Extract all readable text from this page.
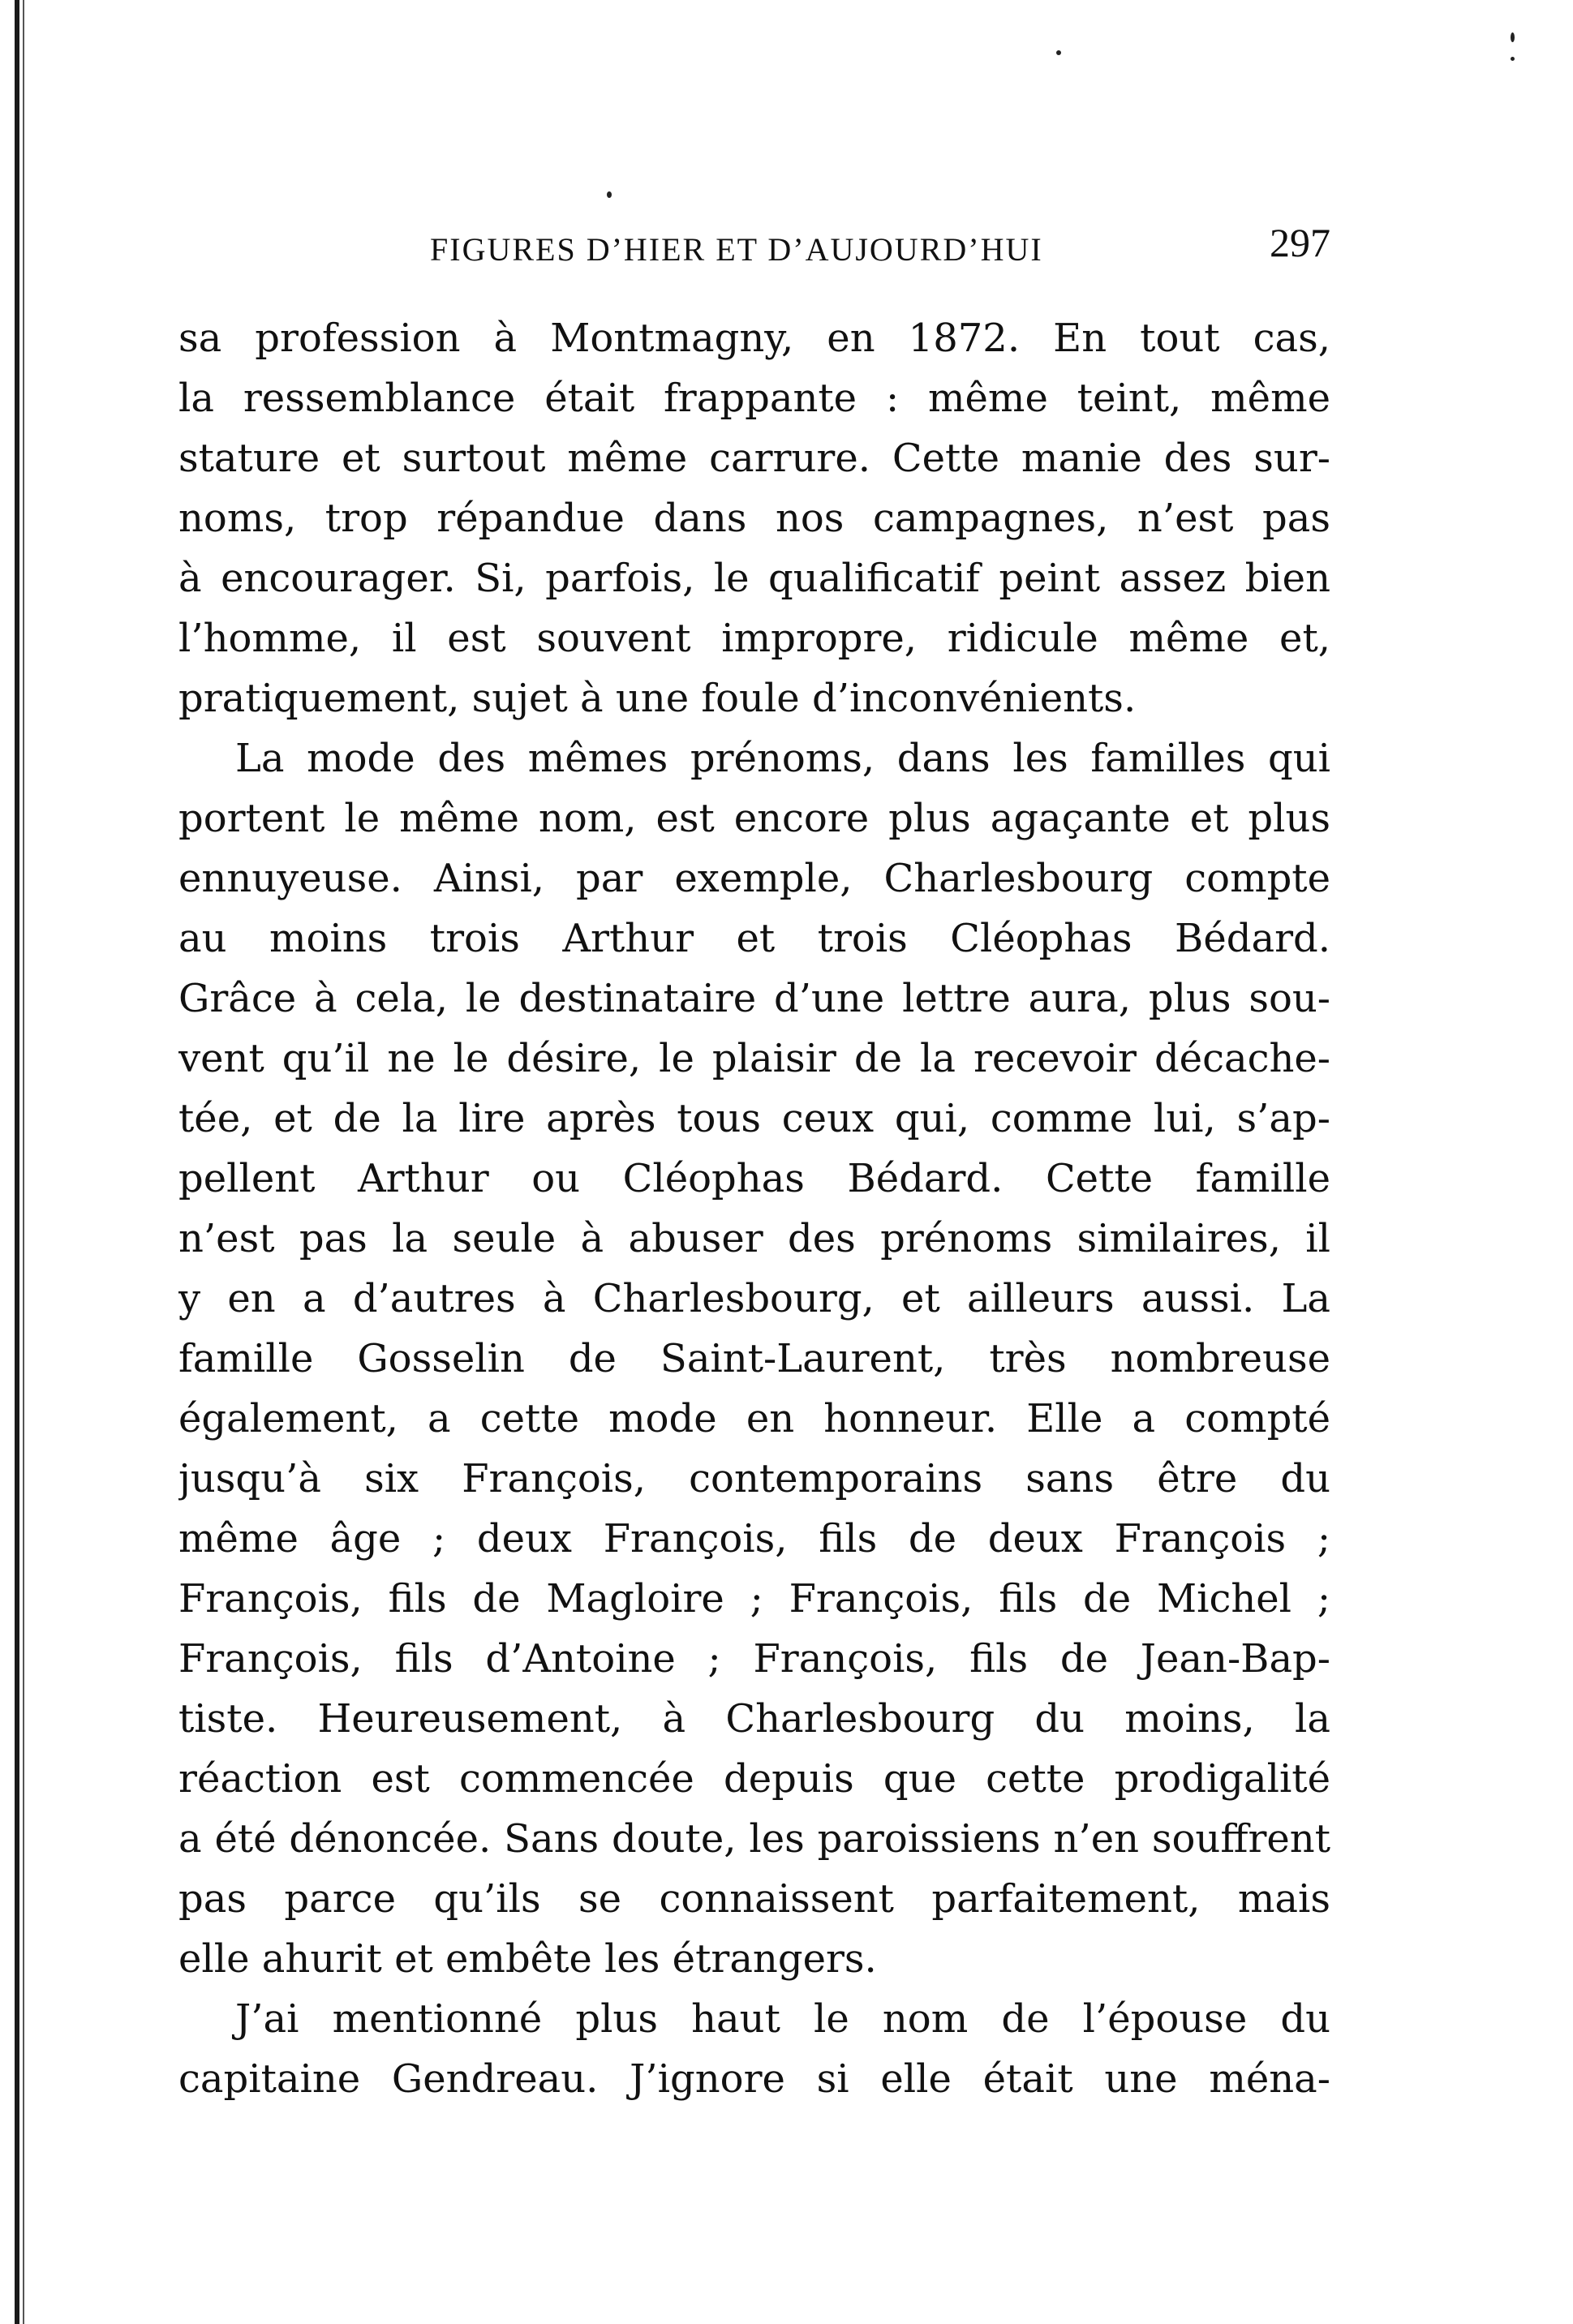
FIGURES D’HIER ET D’AUJOURD’HUI	297

sa profession à Montmagny, en 1872. En tout cas,
la ressemblance était frappante : même teint, même
stature et surtout même carrure. Cette manie des sur-
noms, trop répandue dans nos campagnes, n’est pas
à encourager. Si, parfois, le qualificatif peint assez bien
l’homme, il est souvent impropre, ridicule même et,
pratiquement, sujet à une foule d’inconvénients.

La mode des mêmes prénoms, dans les familles qui
portent le même nom, est encore plus agaçante et plus
ennuyeuse. Ainsi, par exemple, Charlesbourg compte
au moins trois Arthur et trois Cléophas Bédard.
Grâce à cela, le destinataire d’une lettre aura, plus sou-
vent qu’il ne le désire, le plaisir de la recevoir décache-
tée, et de la lire après tous ceux qui, comme lui, s’ap-
pellent Arthur ou Cléophas Bédard. Cette famille
n’est pas la seule à abuser des prénoms similaires, il
y en a d’autres à Charlesbourg, et ailleurs aussi. La
famille Gosselin de Saint-Laurent, très nombreuse
également, a cette mode en honneur. Elle a compté
jusqu’à six François, contemporains sans être du
même âge ; deux François, fils de deux François ;
François, fils de Magloire ; François, fils de Michel ;
François, fils d’Antoine ; François, fils de Jean-Bap-
tiste. Heureusement, à Charlesbourg du moins, la
réaction est commencée depuis que cette prodigalité
a été dénoncée. Sans doute, les paroissiens n’en souffrent
pas parce qu’ils se connaissent parfaitement, mais
elle ahurit et embête les étrangers.

J’ai mentionné plus haut le nom de l’épouse du
capitaine Gendreau. J’ignore si elle était une ména-
